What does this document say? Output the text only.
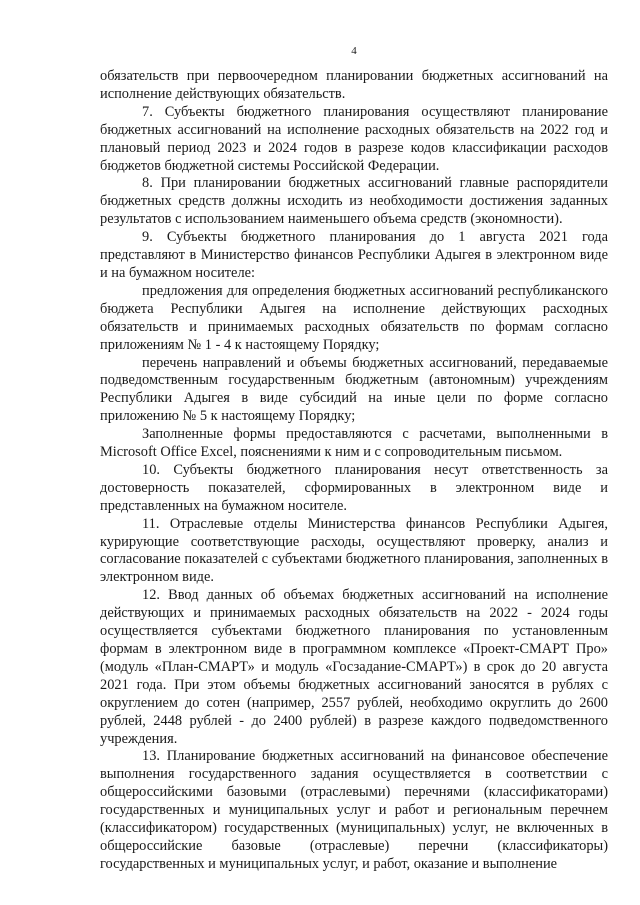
4

обязательств при первоочередном планировании бюджетных ассигнований на исполнение действующих обязательств.

7. Субъекты бюджетного планирования осуществляют планирование бюджетных ассигнований на исполнение расходных обязательств на 2022 год и плановый период 2023 и 2024 годов в разрезе кодов классификации расходов бюджетов бюджетной системы Российской Федерации.

8. При планировании бюджетных ассигнований главные распорядители бюджетных средств должны исходить из необходимости достижения заданных результатов с использованием наименьшего объема средств (экономности).

9. Субъекты бюджетного планирования до 1 августа 2021 года представляют в Министерство финансов Республики Адыгея в электронном виде и на бумажном носителе:

предложения для определения бюджетных ассигнований республиканского бюджета Республики Адыгея на исполнение действующих расходных обязательств и принимаемых расходных обязательств по формам согласно приложениям № 1 - 4 к настоящему Порядку;

перечень направлений и объемы бюджетных ассигнований, передаваемые подведомственным государственным бюджетным (автономным) учреждениям Республики Адыгея в виде субсидий на иные цели по форме согласно приложению № 5 к настоящему Порядку;

Заполненные формы предоставляются с расчетами, выполненными в Microsoft Office Excel, пояснениями к ним и с сопроводительным письмом.

10. Субъекты бюджетного планирования несут ответственность за достоверность показателей, сформированных в электронном виде и представленных на бумажном носителе.

11. Отраслевые отделы Министерства финансов Республики Адыгея, курирующие соответствующие расходы, осуществляют проверку, анализ и согласование показателей с субъектами бюджетного планирования, заполненных в электронном виде.

12. Ввод данных об объемах бюджетных ассигнований на исполнение действующих и принимаемых расходных обязательств на 2022 - 2024 годы осуществляется субъектами бюджетного планирования по установленным формам в электронном виде в программном комплексе «Проект-СМАРТ Про» (модуль «План-СМАРТ» и модуль «Госзадание-СМАРТ») в срок до 20 августа 2021 года. При этом объемы бюджетных ассигнований заносятся в рублях с округлением до сотен (например, 2557 рублей, необходимо округлить до 2600 рублей, 2448 рублей - до 2400 рублей) в разрезе каждого подведомственного учреждения.

13. Планирование бюджетных ассигнований на финансовое обеспечение выполнения государственного задания осуществляется в соответствии с общероссийскими базовыми (отраслевыми) перечнями (классификаторами) государственных и муниципальных услуг и работ и региональным перечнем (классификатором) государственных (муниципальных) услуг, не включенных в общероссийские базовые (отраслевые) перечни (классификаторы) государственных и муниципальных услуг, и работ, оказание и выполнение
